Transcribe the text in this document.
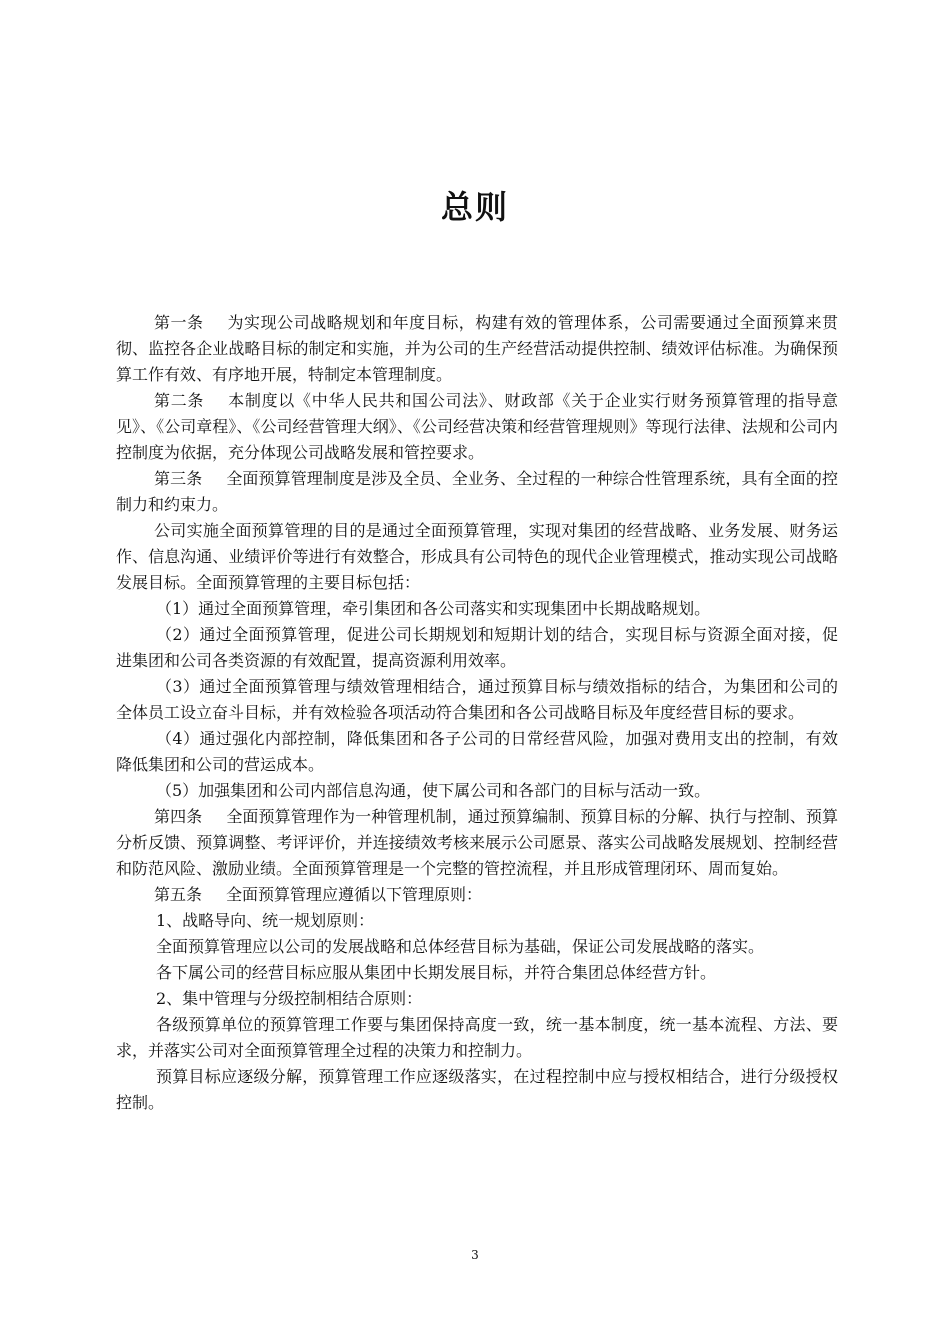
总则

第一条 为实现公司战略规划和年度目标，构建有效的管理体系，公司需要通过全面预算来贯彻、监控各企业战略目标的制定和实施，并为公司的生产经营活动提供控制、绩效评估标准。为确保预算工作有效、有序地开展，特制定本管理制度。

第二条 本制度以《中华人民共和国公司法》、财政部《关于企业实行财务预算管理的指导意见》、《公司章程》、《公司经营管理大纲》、《公司经营决策和经营管理规则》等现行法律、法规和公司内控制度为依据，充分体现公司战略发展和管控要求。

第三条 全面预算管理制度是涉及全员、全业务、全过程的一种综合性管理系统，具有全面的控制力和约束力。

公司实施全面预算管理的目的是通过全面预算管理，实现对集团的经营战略、业务发展、财务运作、信息沟通、业绩评价等进行有效整合，形成具有公司特色的现代企业管理模式，推动实现公司战略发展目标。全面预算管理的主要目标包括：

（1）通过全面预算管理，牵引集团和各公司落实和实现集团中长期战略规划。

（2）通过全面预算管理，促进公司长期规划和短期计划的结合，实现目标与资源全面对接，促进集团和公司各类资源的有效配置，提高资源利用效率。

（3）通过全面预算管理与绩效管理相结合，通过预算目标与绩效指标的结合，为集团和公司的全体员工设立奋斗目标，并有效检验各项活动符合集团和各公司战略目标及年度经营目标的要求。

（4）通过强化内部控制，降低集团和各子公司的日常经营风险，加强对费用支出的控制，有效降低集团和公司的营运成本。

（5）加强集团和公司内部信息沟通，使下属公司和各部门的目标与活动一致。

第四条 全面预算管理作为一种管理机制，通过预算编制、预算目标的分解、执行与控制、预算分析反馈、预算调整、考评评价，并连接绩效考核来展示公司愿景、落实公司战略发展规划、控制经营和防范风险、激励业绩。全面预算管理是一个完整的管控流程，并且形成管理闭环、周而复始。

第五条 全面预算管理应遵循以下管理原则：

1、战略导向、统一规划原则：

全面预算管理应以公司的发展战略和总体经营目标为基础，保证公司发展战略的落实。

各下属公司的经营目标应服从集团中长期发展目标，并符合集团总体经营方针。

2、集中管理与分级控制相结合原则：

各级预算单位的预算管理工作要与集团保持高度一致，统一基本制度，统一基本流程、方法、要求，并落实公司对全面预算管理全过程的决策力和控制力。

预算目标应逐级分解，预算管理工作应逐级落实，在过程控制中应与授权相结合，进行分级授权控制。

3
